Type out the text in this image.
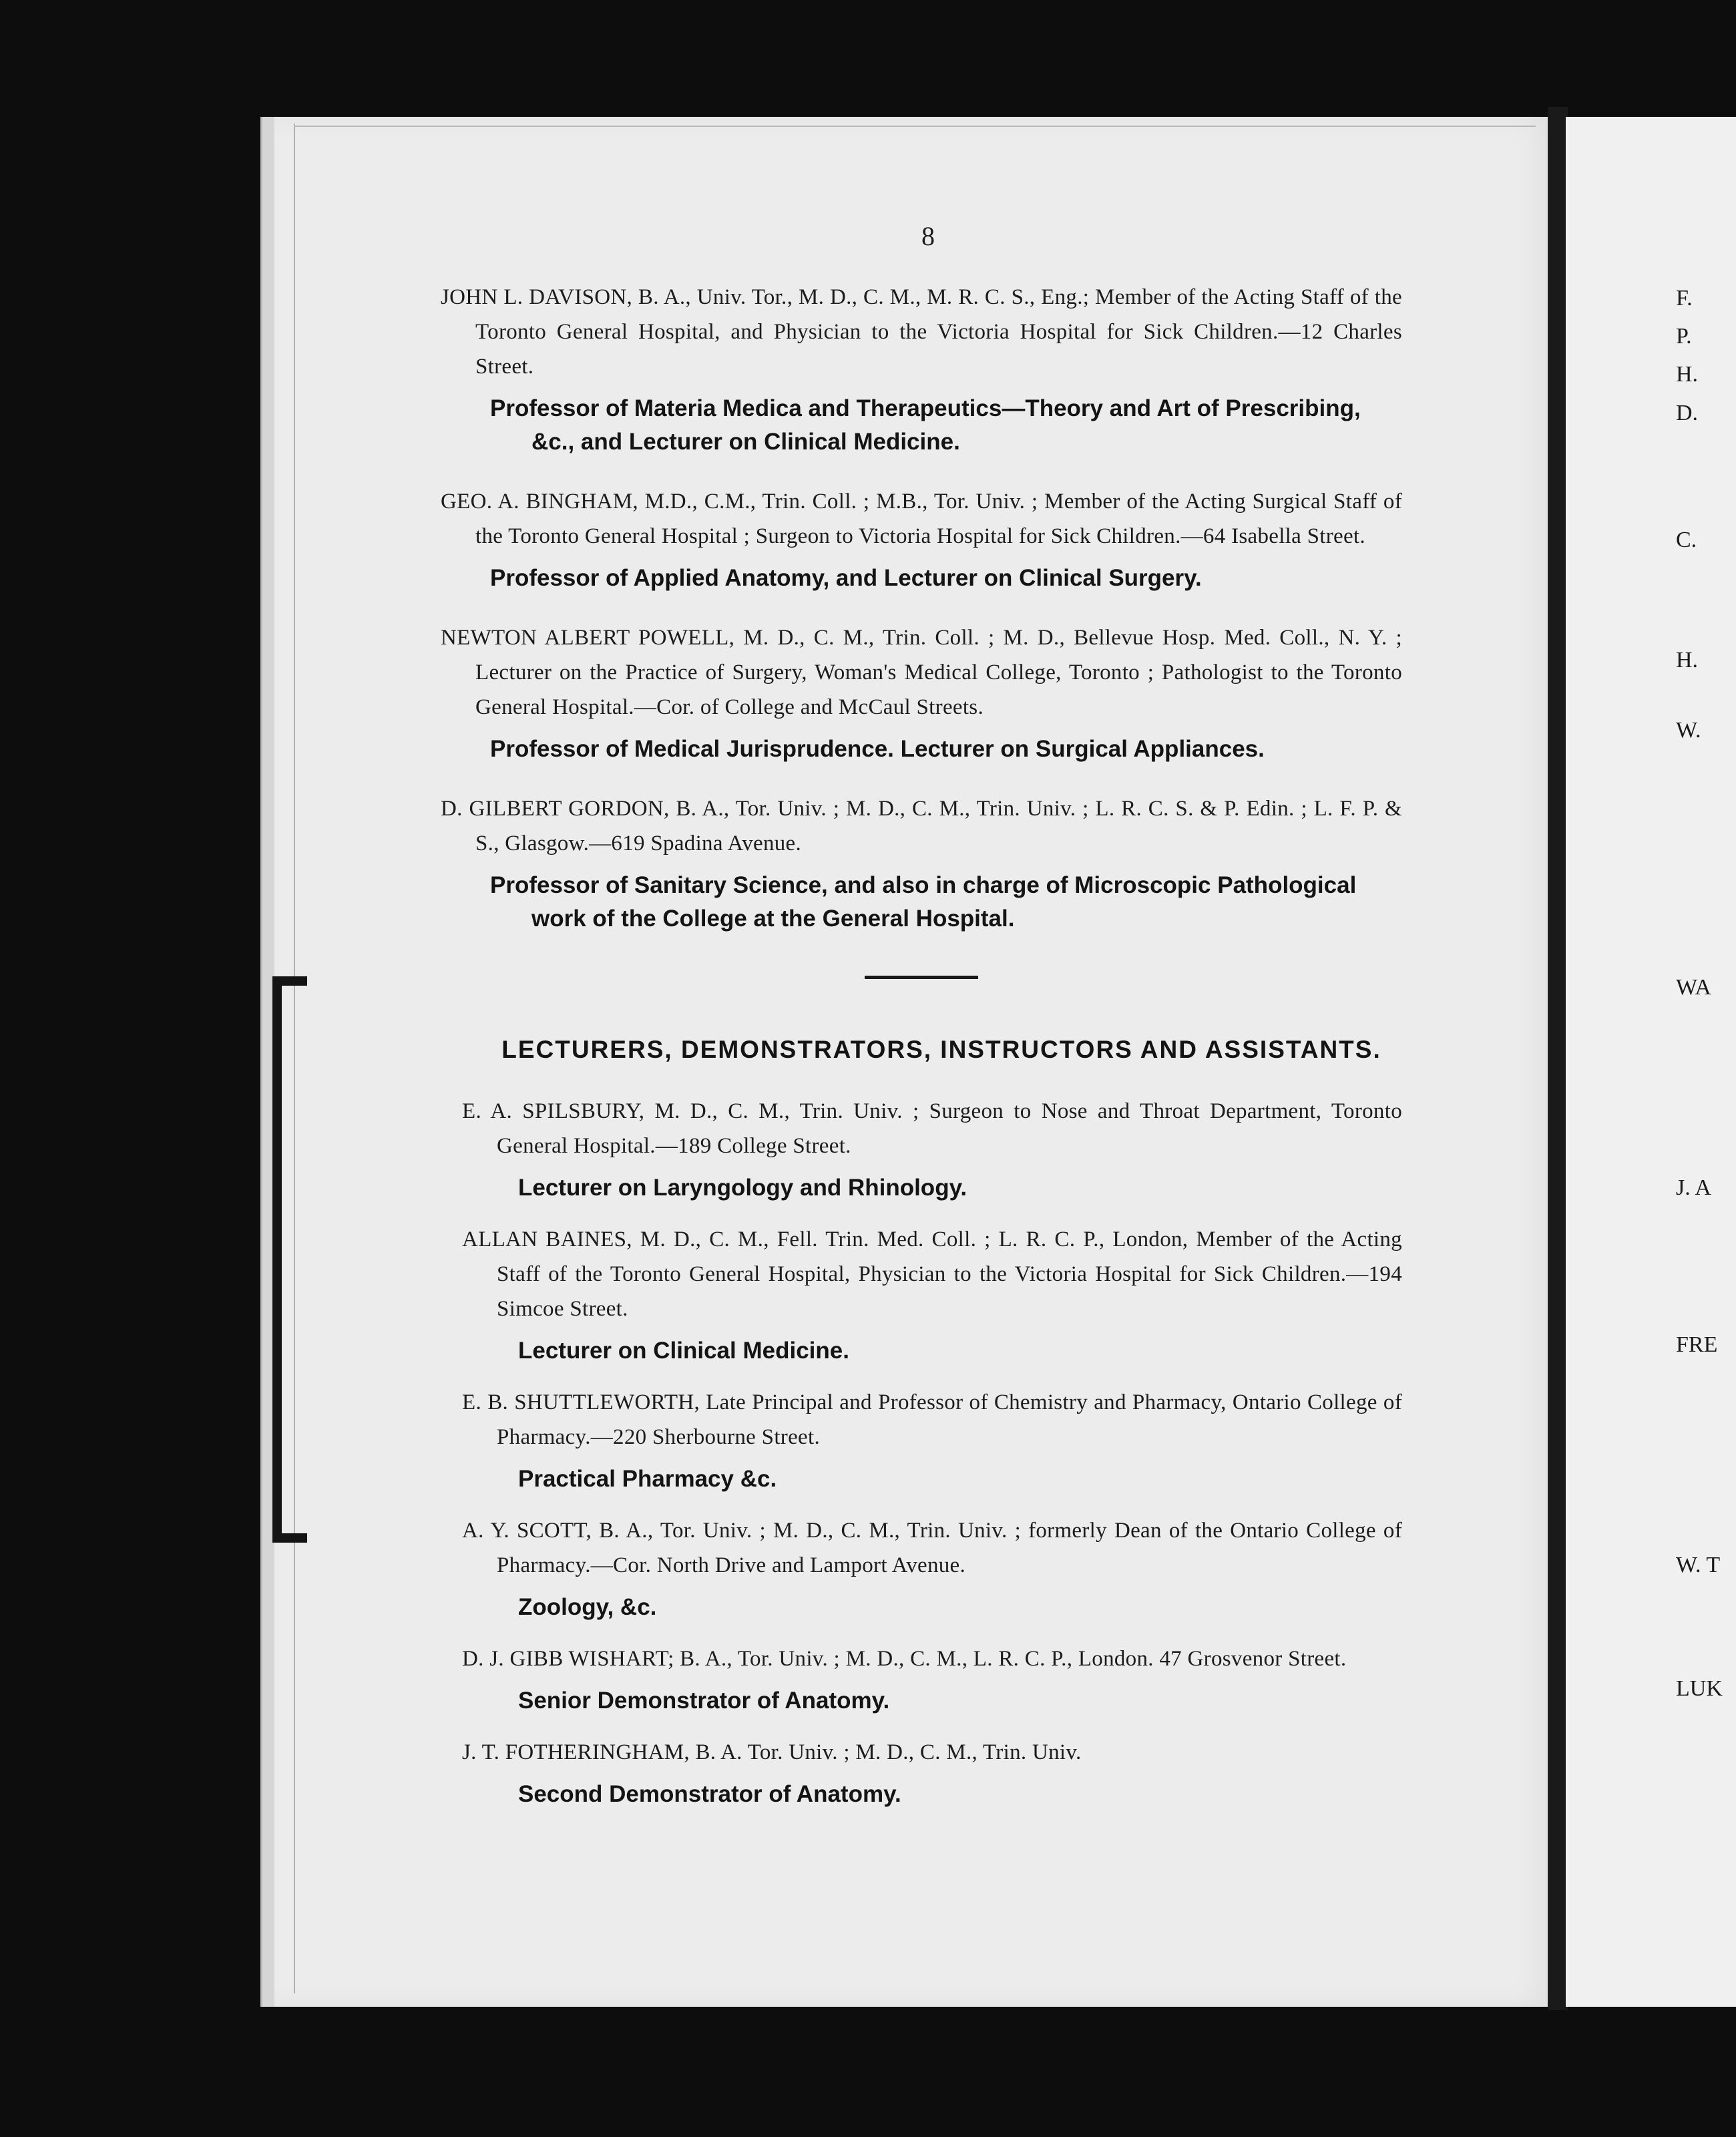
F.
P.
H.
D.
C.
H.
W.
WA
J. A
FRE
W. T
LUK
8
JOHN L. DAVISON, B. A., Univ. Tor., M. D., C. M., M. R. C. S., Eng.; Member of the Acting Staff of the Toronto General Hospital, and Physician to the Victoria Hospital for Sick Children.—12 Charles Street.
Professor of Materia Medica and Therapeutics—Theory and Art of Prescribing, &c., and Lecturer on Clinical Medicine.
GEO. A. BINGHAM, M.D., C.M., Trin. Coll. ; M.B., Tor. Univ. ; Member of the Acting Surgical Staff of the Toronto General Hospital ; Surgeon to Victoria Hospital for Sick Children.—64 Isabella Street.
Professor of Applied Anatomy, and Lecturer on Clinical Surgery.
NEWTON ALBERT POWELL, M. D., C. M., Trin. Coll. ; M. D., Bellevue Hosp. Med. Coll., N. Y. ; Lecturer on the Practice of Surgery, Woman's Medical College, Toronto ; Pathologist to the Toronto General Hospital.—Cor. of College and McCaul Streets.
Professor of Medical Jurisprudence. Lecturer on Surgical Appliances.
D. GILBERT GORDON, B. A., Tor. Univ. ; M. D., C. M., Trin. Univ. ; L. R. C. S. & P. Edin. ; L. F. P. & S., Glasgow.—619 Spadina Avenue.
Professor of Sanitary Science, and also in charge of Microscopic Pathological work of the College at the General Hospital.
LECTURERS, DEMONSTRATORS, INSTRUCTORS AND ASSISTANTS.
E. A. SPILSBURY, M. D., C. M., Trin. Univ. ; Surgeon to Nose and Throat Department, Toronto General Hospital.—189 College Street.
Lecturer on Laryngology and Rhinology.
ALLAN BAINES, M. D., C. M., Fell. Trin. Med. Coll. ; L. R. C. P., London, Member of the Acting Staff of the Toronto General Hospital, Physician to the Victoria Hospital for Sick Children.—194 Simcoe Street.
Lecturer on Clinical Medicine.
E. B. SHUTTLEWORTH, Late Principal and Professor of Chemistry and Pharmacy, Ontario College of Pharmacy.—220 Sherbourne Street.
Practical Pharmacy &c.
A. Y. SCOTT, B. A., Tor. Univ. ; M. D., C. M., Trin. Univ. ; formerly Dean of the Ontario College of Pharmacy.—Cor. North Drive and Lamport Avenue.
Zoology, &c.
D. J. GIBB WISHART; B. A., Tor. Univ. ; M. D., C. M., L. R. C. P., London. 47 Grosvenor Street.
Senior Demonstrator of Anatomy.
J. T. FOTHERINGHAM, B. A. Tor. Univ. ; M. D., C. M., Trin. Univ.
Second Demonstrator of Anatomy.
